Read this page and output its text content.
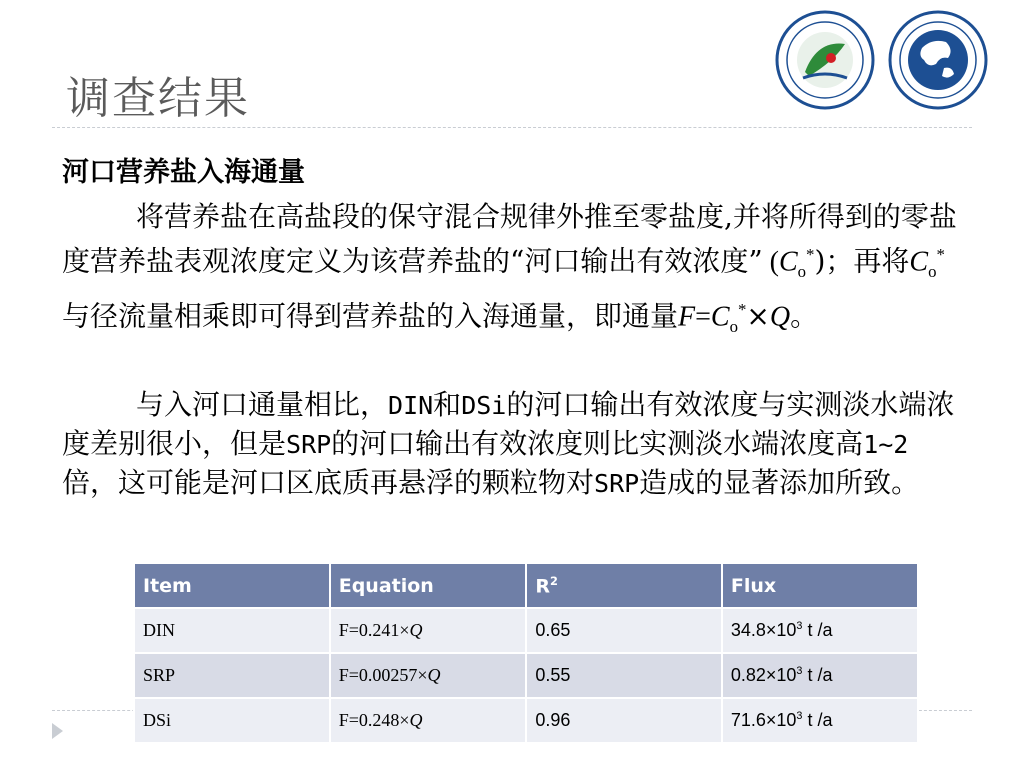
调查结果
河口营养盐入海通量
将营养盐在高盐段的保守混合规律外推至零盐度,并将所得到的零盐度营养盐表观浓度定义为该营养盐的“河口输出有效浓度” $(C_o^*)$；再将$C_o^*$与径流量相乘即可得到营养盐的入海通量，即通量$F=C_o^*\times Q$。
与入河口通量相比，DIN和DSi的河口输出有效浓度与实测淡水端浓度差别很小，但是SRP的河口输出有效浓度则比实测淡水端浓度高1~2倍，这可能是河口区底质再悬浮的颗粒物对SRP造成的显著添加所致。
Item	Equation	$R^2$	Flux
DIN	F=0.241×Q	0.65	$34.8\times 10^3$ t /a
SRP	F=0.00257×Q	0.55	$0.82\times 10^3$ t /a
DSi	F=0.248×Q	0.96	$71.6\times 10^3$ t /a
